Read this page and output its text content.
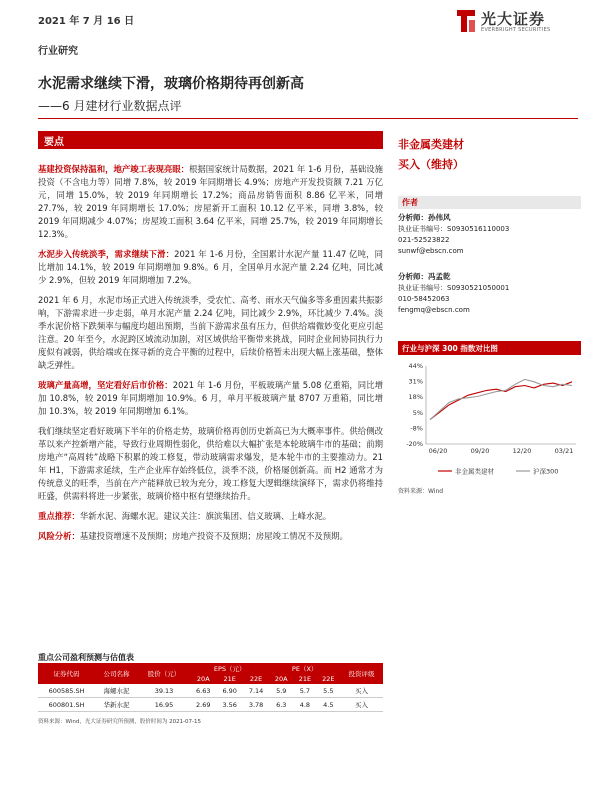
2021 年 7 月 16 日	光大证券
EVERBRIGHT SECURITIES
行业研究
水泥需求继续下滑，玻璃价格期待再创新高
——6 月建材行业数据点评
要点

基建投资保持温和，地产竣工表现亮眼：根据国家统计局数据，2021 年 1-6 月份，基础设施投资（不含电力等）同增 7.8%，较 2019 年同期增长 4.9%；房地产开发投资额 7.21 万亿元，同增 15.0%，较 2019 年同期增长 17.2%；商品房销售面积 8.86 亿平米，同增 27.7%，较 2019 年同期增长 17.0%；房屋新开工面积 10.12 亿平米，同增 3.8%，较 2019 年同期减少 4.07%；房屋竣工面积 3.64 亿平米，同增 25.7%，较 2019 年同期增长 12.3%。

水泥步入传统淡季，需求继续下滑：2021 年 1-6 月份，全国累计水泥产量 11.47 亿吨，同比增加 14.1%，较 2019 年同期增加 9.8%。6 月，全国单月水泥产量 2.24 亿吨，同比减少 2.9%，但较 2019 年同期增加 7.2%。

2021 年 6 月，水泥市场正式进入传统淡季，受农忙、高考、雨水天气偏多等多重因素共振影响，下游需求进一步走弱，单月水泥产量 2.24 亿吨，同比减少 2.9%，环比减少 7.4%。淡季水泥价格下跌频率与幅度均超出预期，当前下游需求虽有压力，但供给端微妙变化更应引起注意。20 年至今，水泥跨区域流动加剧，对区域供给平衡带来挑战，同时企业间协同执行力度似有减弱，供给端或在探寻新的竞合平衡的过程中，后续价格暂未出现大幅上涨基础，整体缺乏弹性。

玻璃产量高增，坚定看好后市价格：2021 年 1-6 月份，平板玻璃产量 5.08 亿重箱，同比增加 10.8%，较 2019 年同期增加 10.9%。6 月，单月平板玻璃产量 8707 万重箱，同比增加 10.3%，较 2019 年同期增加 6.1%。

我们继续坚定看好玻璃下半年的价格走势，玻璃价格再创历史新高已为大概率事件。供给侧改革以来产控新增产能，导致行业周期性弱化，供给难以大幅扩张是本轮玻璃牛市的基础；前期房地产“高周转”战略下积累的竣工修复，带动玻璃需求爆发，是本轮牛市的主要推动力。21 年 H1，下游需求延续，生产企业库存始终低位，淡季不淡，价格屡创新高。而 H2 通常才为传统意义的旺季，当前在产产能释放已较为充分，竣工修复大逻辑继续演绎下，需求仍将维持旺盛，供需料将进一步紧张，玻璃价格中枢有望继续抬升。

重点推荐：华新水泥、海螺水泥。建议关注：旗滨集团、信义玻璃、上峰水泥。

风险分析：基建投资增速不及预期；房地产投资不及预期；房屋竣工情况不及预期。

非金属类建材
买入（维持）
作者
分析师：孙伟风
执业证书编号：S0930516110003
021-52523822
sunwf@ebscn.com
分析师：冯孟乾
执业证书编号：S0930521050001
010-58452063
fengmq@ebscn.com
行业与沪深 300 指数对比图
44%
31%
18%
5%
-8%
-20%
06/20	09/20	12/20	03/21
非金属类建材	沪深300
资料来源：Wind
重点公司盈利预测与估值表
证券代码	公司名称	股价（元）	EPS（元）			PE（X）			投资评级
			20A	21E	22E	20A	21E	22E	
600585.SH	海螺水泥	39.13	6.63	6.90	7.14	5.9	5.7	5.5	买入
600801.SH	华新水泥	16.95	2.69	3.56	3.78	6.3	4.8	4.5	买入
资料来源：Wind，光大证券研究所预测，股价时间为 2021-07-15
